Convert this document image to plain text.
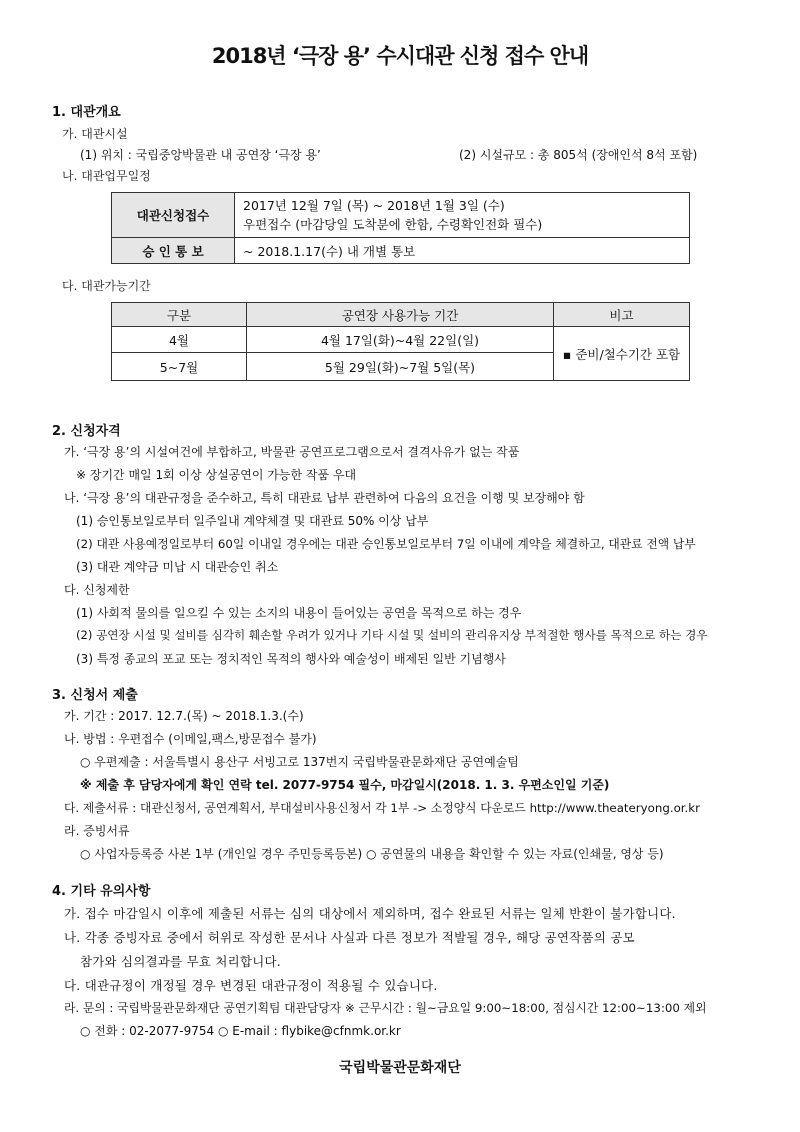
2018년 ‘극장 용’ 수시대관 신청 접수 안내
1. 대관개요
가. 대관시설
(1) 위치 : 국립중앙박물관 내 공연장 ‘극장 용’	(2) 시설규모 : 총 805석 (장애인석 8석 포함)
나. 대관업무일정
대관신청접수	2017년 12월 7일 (목) ~ 2018년 1월 3일 (수)
우편접수 (마감당일 도착분에 한함, 수령확인전화 필수)

승 인 통 보	~ 2018.1.17(수) 내 개별 통보
다. 대관가능기간
구분	공연장 사용가능 기간	비고
4월	4월 17일(화)~4월 22일(일)	▪ 준비/철수기간 포함
5~7월	5월 29일(화)~7월 5일(목)	
2. 신청자격
가. ‘극장 용’의 시설여건에 부합하고, 박물관 공연프로그램으로서 결격사유가 없는 작품
※ 장기간 매일 1회 이상 상설공연이 가능한 작품 우대
나. ‘극장 용’의 대관규정을 준수하고, 특히 대관료 납부 관련하여 다음의 요건을 이행 및 보장해야 함
(1) 승인통보일로부터 일주일내 계약체결 및 대관료 50% 이상 납부
(2) 대관 사용예정일로부터 60일 이내일 경우에는 대관 승인통보일로부터 7일 이내에 계약을 체결하고, 대관료 전액 납부
(3) 대관 계약금 미납 시 대관승인 취소
다. 신청제한
(1) 사회적 물의를 일으킬 수 있는 소지의 내용이 들어있는 공연을 목적으로 하는 경우
(2) 공연장 시설 및 설비를 심각히 훼손할 우려가 있거나 기타 시설 및 설비의 관리유지상 부적절한 행사를 목적으로 하는 경우
(3) 특정 종교의 포교 또는 정치적인 목적의 행사와 예술성이 배제된 일반 기념행사
3. 신청서 제출
가. 기간 : 2017. 12.7.(목) ~ 2018.1.3.(수)
나. 방법 : 우편접수 (이메일,팩스,방문접수 불가)
○ 우편제출 : 서울특별시 용산구 서빙고로 137번지 국립박물관문화재단 공연예술팀
※ 제출 후 담당자에게 확인 연락 tel. 2077-9754 필수, 마감일시(2018. 1. 3. 우편소인일 기준)
다. 제출서류 : 대관신청서, 공연계획서, 부대설비사용신청서 각 1부 -> 소정양식 다운로드 http://www.theateryong.or.kr
라. 증빙서류
○ 사업자등록증 사본 1부 (개인일 경우 주민등록등본) ○ 공연물의 내용을 확인할 수 있는 자료(인쇄물, 영상 등)
4. 기타 유의사항
가. 접수 마감일시 이후에 제출된 서류는 심의 대상에서 제외하며, 접수 완료된 서류는 일체 반환이 불가합니다.
나. 각종 증빙자료 중에서 허위로 작성한 문서나 사실과 다른 정보가 적발될 경우, 해당 공연작품의 공모
참가와 심의결과를 무효 처리합니다.
다. 대관규정이 개정될 경우 변경된 대관규정이 적용될 수 있습니다.
라. 문의 : 국립박물관문화재단 공연기획팀 대관담당자 ※ 근무시간 : 월~금요일 9:00~18:00, 점심시간 12:00~13:00 제외
○ 전화 : 02-2077-9754 ○ E-mail : flybike@cfnmk.or.kr
국립박물관문화재단
